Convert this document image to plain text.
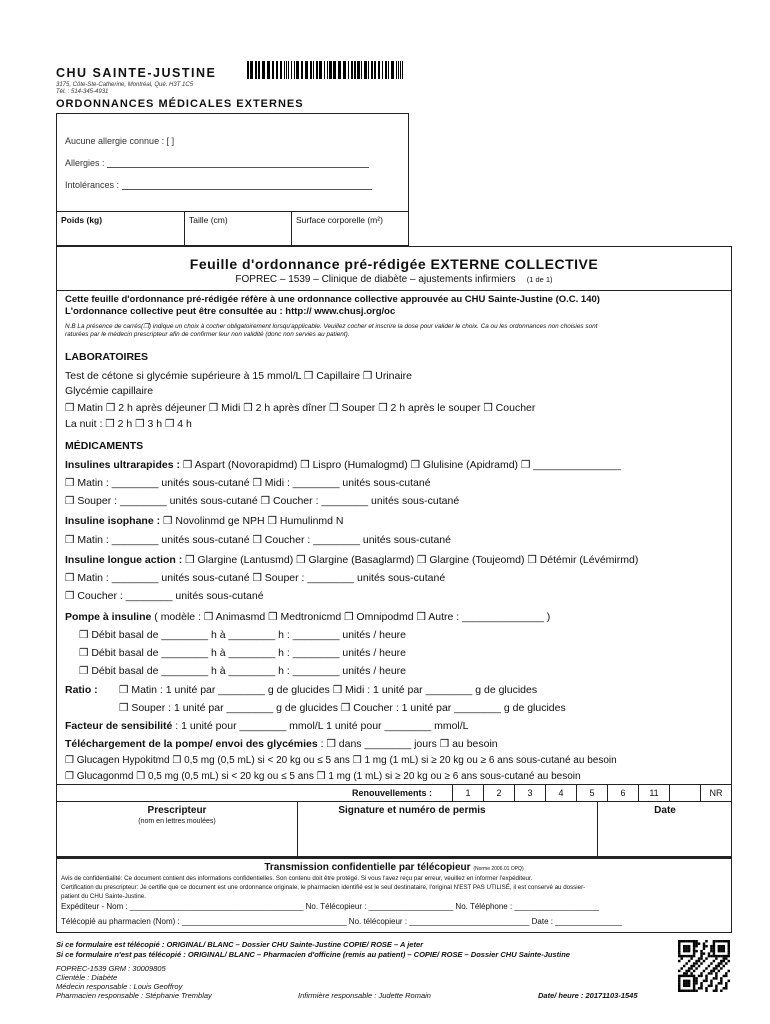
CHU SAINTE-JUSTINE
3175, Côte-Ste-Catherine, Montréal, Qué. H3T 1C5
Tél. : 514-345-4931
ORDONNANCES MÉDICALES EXTERNES
Aucune allergie connue : [ ]
Allergies :
Intolérances :
Poids (kg)	Taille (cm)	Surface corporelle (m²)
Feuille d'ordonnance pré-rédigée EXTERNE COLLECTIVE
FOPREC – 1539 – Clinique de diabète – ajustements infirmiers (1 de 1)
Cette feuille d'ordonnance pré-rédigée réfère à une ordonnance collective approuvée au CHU Sainte-Justine (O.C. 140)
L'ordonnance collective peut être consultée au : http:// www.chusj.org/oc
N.B La présence de carrés(❒) indique un choix à cocher obligatoirement lorsqu'applicable. Veuillez cocher et inscrire la dose pour valider le choix. Ca ou les ordonnances non choisies sont
raturées par le médecin prescripteur afin de confirmer leur non validité (donc non servies au patient).
LABORATOIRES
Test de cétone si glycémie supérieure à 15 mmol/L ❒ Capillaire ❒ Urinaire
Glycémie capillaire
❒ Matin ❒ 2 h après déjeuner ❒ Midi ❒ 2 h après dîner ❒ Souper ❒ 2 h après le souper ❒ Coucher
La nuit : ❒ 2 h ❒ 3 h ❒ 4 h
MÉDICAMENTS
Insulines ultrarapides : ❒ Aspart (Novorapidmd) ❒ Lispro (Humalogmd) ❒ Glulisine (Apidramd) ❒ _______________
❒ Matin : ________ unités sous-cutané ❒ Midi : ________ unités sous-cutané
❒ Souper : ________ unités sous-cutané ❒ Coucher : ________ unités sous-cutané
Insuline isophane : ❒ Novolinmd ge NPH ❒ Humulinmd N
❒ Matin : ________ unités sous-cutané ❒ Coucher : ________ unités sous-cutané
Insuline longue action : ❒ Glargine (Lantusmd) ❒ Glargine (Basaglarmd) ❒ Glargine (Toujeomd) ❒ Détémir (Lévémirmd)
❒ Matin : ________ unités sous-cutané ❒ Souper : ________ unités sous-cutané
❒ Coucher : ________ unités sous-cutané
Pompe à insuline ( modèle : ❒ Animasmd ❒ Medtronicmd ❒ Omnipodmd ❒ Autre : ______________ )
❒ Débit basal de ________ h à ________ h : ________ unités / heure
❒ Débit basal de ________ h à ________ h : ________ unités / heure
❒ Débit basal de ________ h à ________ h : ________ unités / heure
Ratio : ❒ Matin : 1 unité par ________ g de glucides ❒ Midi : 1 unité par ________ g de glucides
❒ Souper : 1 unité par ________ g de glucides ❒ Coucher : 1 unité par ________ g de glucides
Facteur de sensibilité : 1 unité pour ________ mmol/L 1 unité pour ________ mmol/L
Téléchargement de la pompe/ envoi des glycémies : ❒ dans ________ jours ❒ au besoin
❒ Glucagen Hypokitmd ❒ 0,5 mg (0,5 mL) si < 20 kg ou ≤ 5 ans ❒ 1 mg (1 mL) si ≥ 20 kg ou ≥ 6 ans sous-cutané au besoin
❒ Glucagonmd ❒ 0,5 mg (0,5 mL) si < 20 kg ou ≤ 5 ans ❒ 1 mg (1 mL) si ≥ 20 kg ou ≥ 6 ans sous-cutané au besoin
Renouvellements :	1	2	3	4	5	6	11	NR
Prescripteur
(nom en lettres moulées)
Signature et numéro de permis	Date
Transmission confidentielle par télécopieur (Norme 2006.01 OPQ)
Avis de confidentialité: Ce document contient des informations confidentielles. Son contenu doit être protégé. Si vous l'avez reçu par erreur, veuillez en informer l'expéditeur.
Certification du prescripteur: Je certifie que ce document est une ordonnance originale, le pharmacien identifié est le seul destinataire, l'original N'EST PAS UTILISÉ, il est conservé au dossier-
patient du CHU Sainte-Justine.
Expéditeur - Nom : _______________________________________ No. Télécopieur : ___________________ No. Téléphone : ___________________
Télécopié au pharmacien (Nom) : _____________________________________ No. télécopieur : ___________________________ Date : _______________
Si ce formulaire est télécopié : ORIGINAL/ BLANC – Dossier CHU Sainte-Justine COPIE/ ROSE – A jeter
Si ce formulaire n'est pas télécopié : ORIGINAL/ BLANC – Pharmacien d'officine (remis au patient) – COPIE/ ROSE – Dossier CHU Sainte-Justine
FOPREC-1539 GRM : 30009805
Clientèle : Diabète
Médecin responsable : Louis Geoffroy
Pharmacien responsable : Stéphanie Tremblay	Infirmière responsable : Judette Romain	Date/ heure : 20171103-1545
